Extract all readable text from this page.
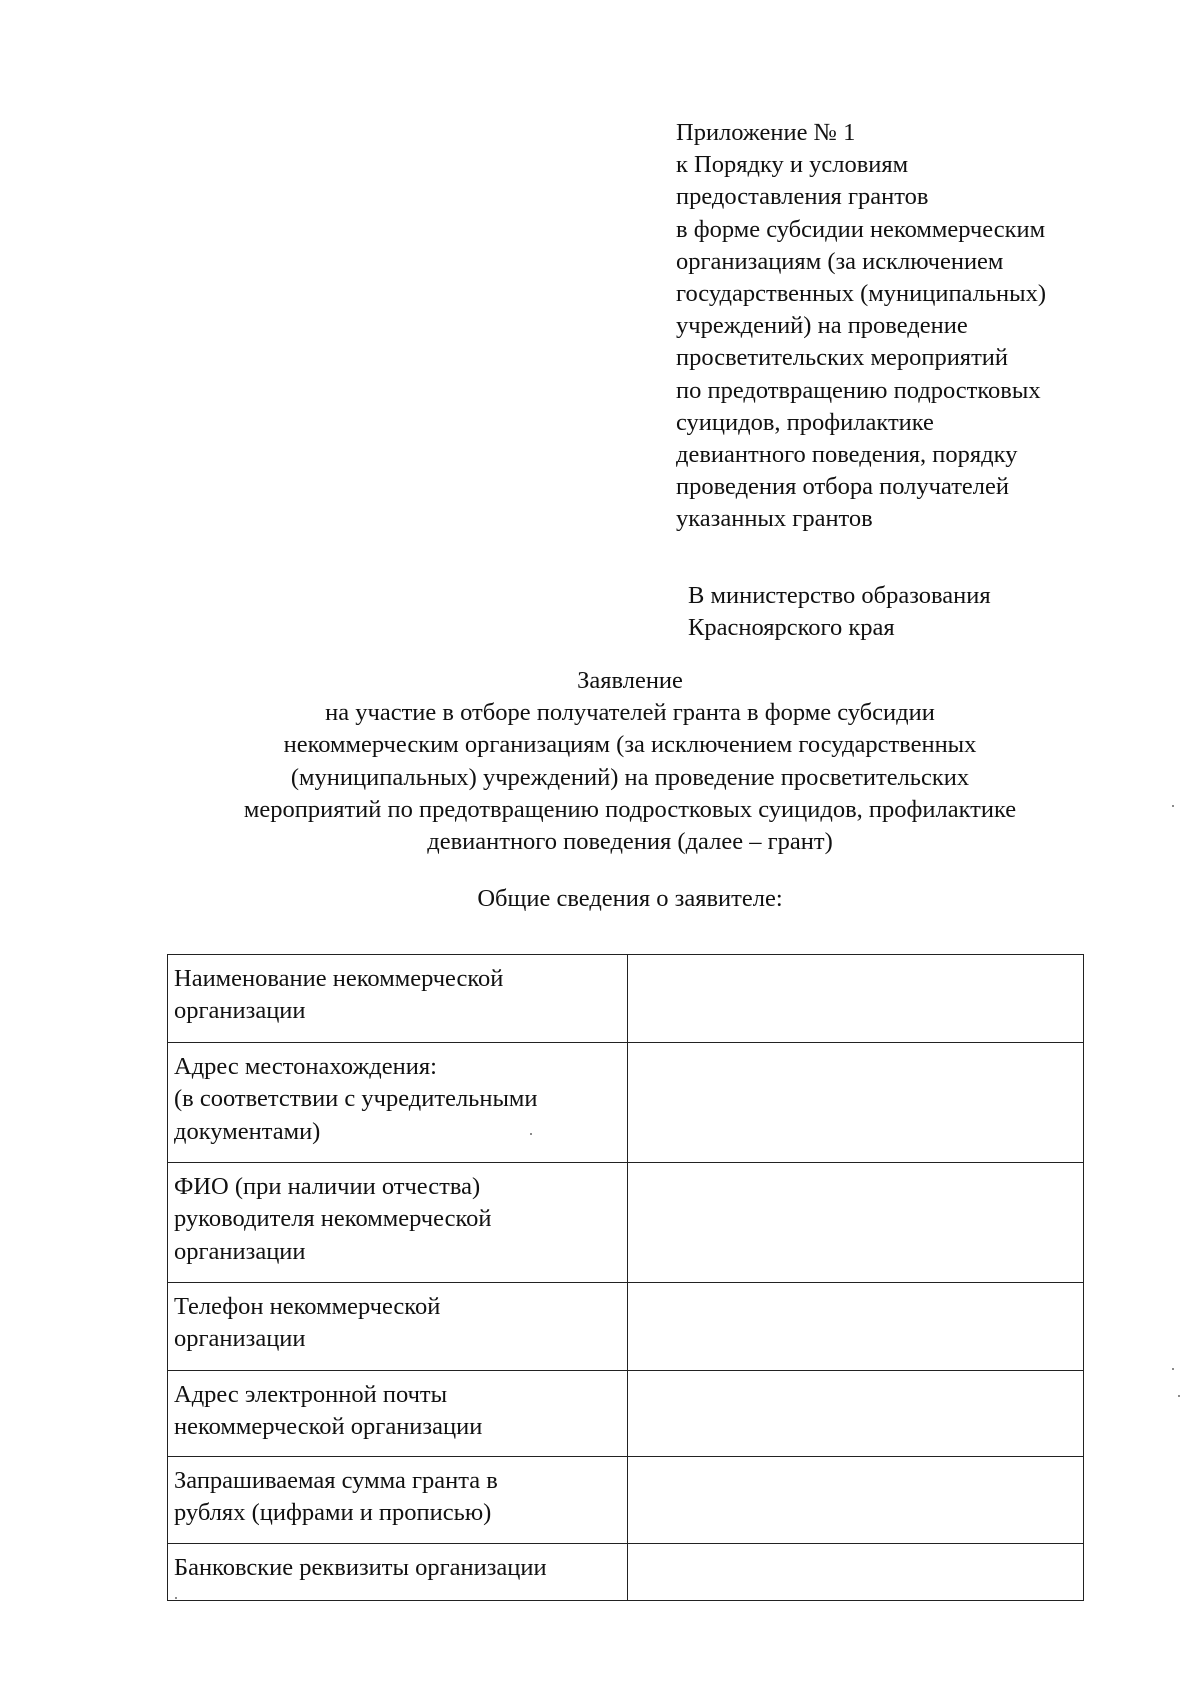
Приложение № 1
к Порядку и условиям
предоставления грантов
в форме субсидии некоммерческим
организациям (за исключением
государственных (муниципальных)
учреждений) на проведение
просветительских мероприятий
по предотвращению подростковых
суицидов, профилактике
девиантного поведения, порядку
проведения отбора получателей
указанных грантов
В министерство образования
Красноярского края
Заявление
на участие в отборе получателей гранта в форме субсидии
некоммерческим организациям (за исключением государственных
(муниципальных) учреждений) на проведение просветительских
мероприятий по предотвращению подростковых суицидов, профилактике
девиантного поведения (далее – грант)
Общие сведения о заявителе:
Наименование некоммерческой
организации	

Адрес местонахождения:
(в соответствии с учредительными
документами)	

ФИО (при наличии отчества)
руководителя некоммерческой
организации	

Телефон некоммерческой
организации	

Адрес электронной почты
некоммерческой организации	

Запрашиваемая сумма гранта в
рублях (цифрами и прописью)	

Банковские реквизиты организации	
